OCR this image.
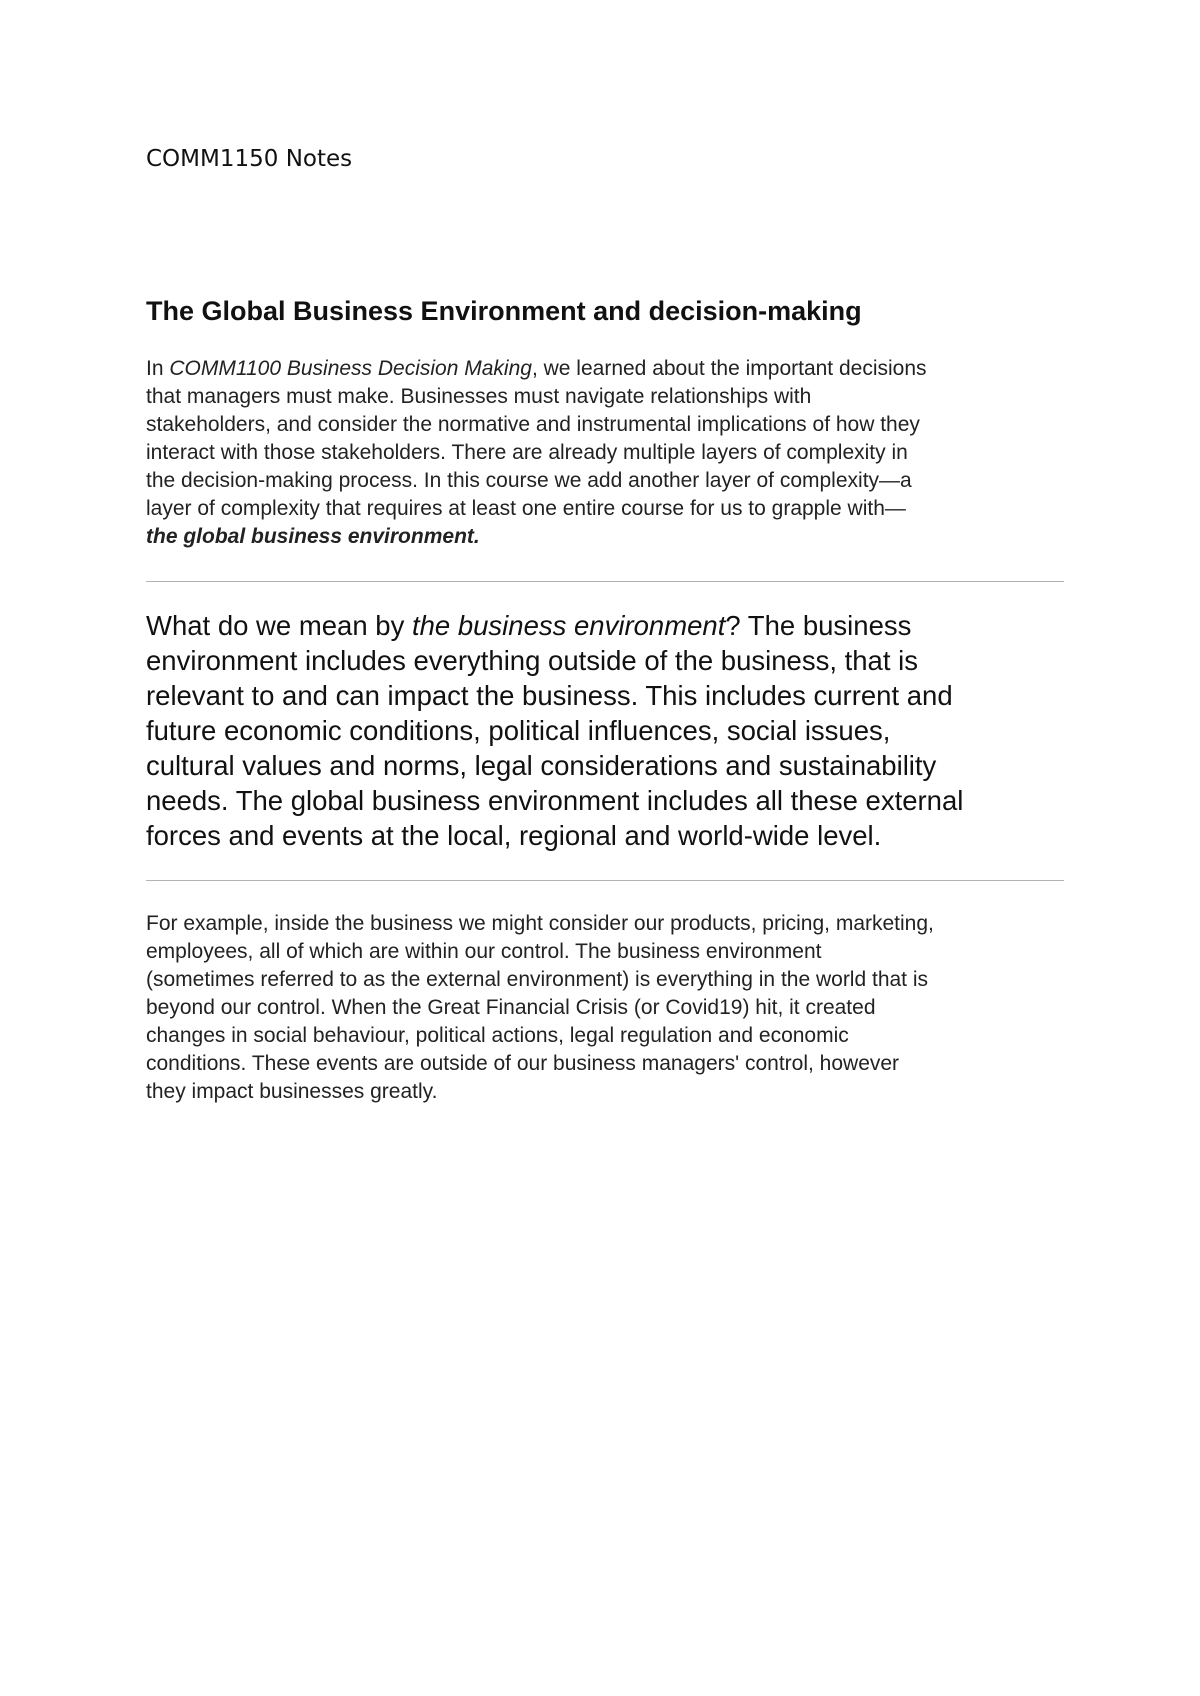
COMM1150 Notes
The Global Business Environment and decision-making

In COMM1100 Business Decision Making, we learned about the important decisions
that managers must make. Businesses must navigate relationships with
stakeholders, and consider the normative and instrumental implications of how they
interact with those stakeholders. There are already multiple layers of complexity in
the decision-making process. In this course we add another layer of complexity—a
layer of complexity that requires at least one entire course for us to grapple with—
the global business environment.

What do we mean by the business environment? The business
environment includes everything outside of the business, that is
relevant to and can impact the business. This includes current and
future economic conditions, political influences, social issues,
cultural values and norms, legal considerations and sustainability
needs. The global business environment includes all these external
forces and events at the local, regional and world-wide level.

For example, inside the business we might consider our products, pricing, marketing,
employees, all of which are within our control. The business environment
(sometimes referred to as the external environment) is everything in the world that is
beyond our control. When the Great Financial Crisis (or Covid19) hit, it created
changes in social behaviour, political actions, legal regulation and economic
conditions. These events are outside of our business managers' control, however
they impact businesses greatly.
